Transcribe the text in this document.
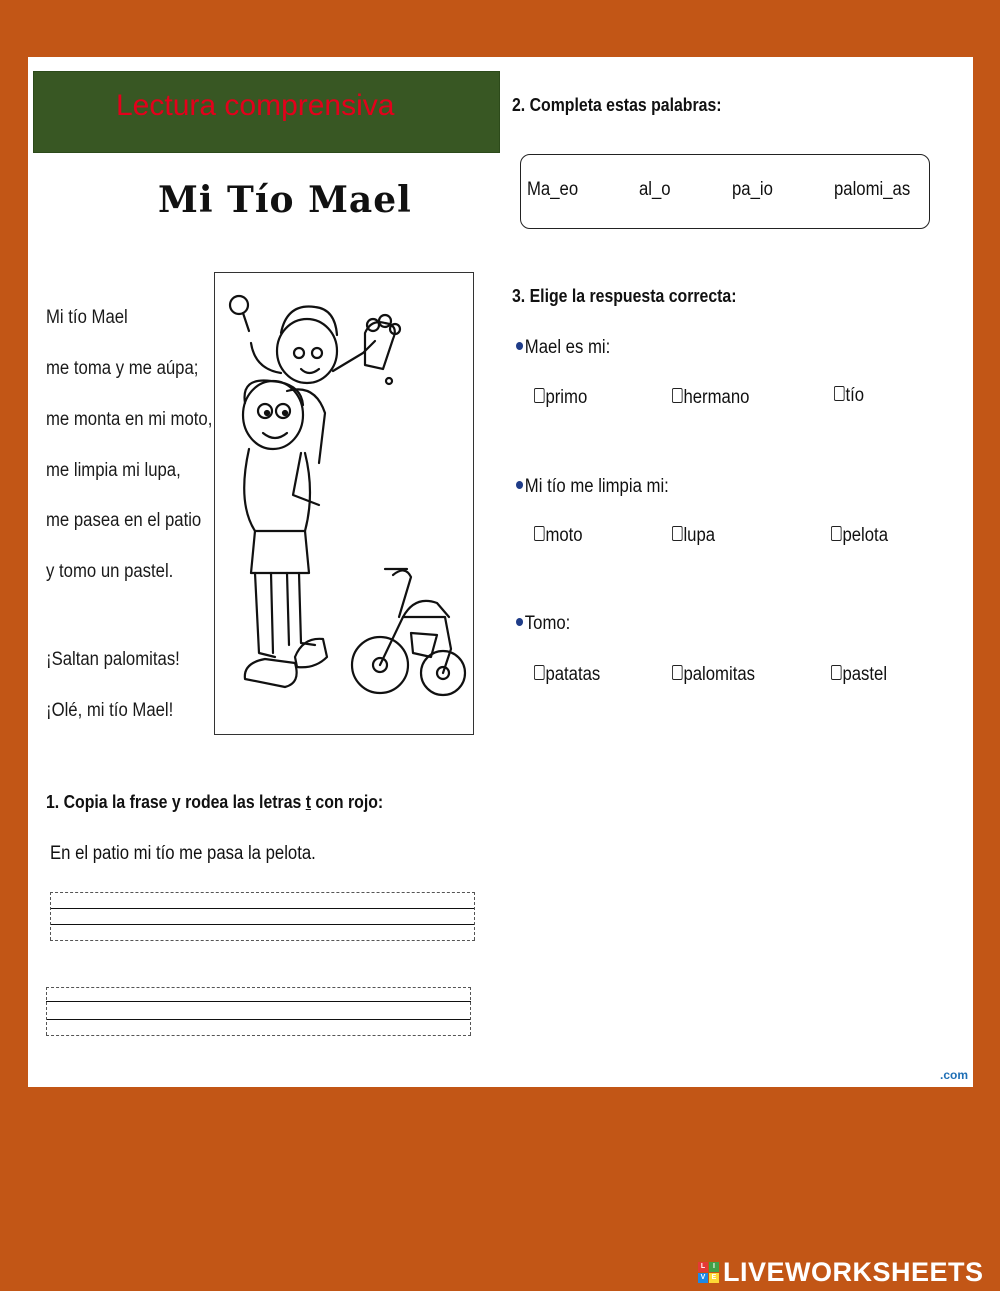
Lectura comprensiva
Mi Tío Mael
Mi tío Mael
me toma y me aúpa;
me monta en mi moto,
me limpia mi lupa,
me pasea en el patio
y tomo un pastel.
¡Saltan palomitas!
¡Olé, mi tío Mael!
1. Copia la frase y rodea las letras t con rojo:
En el patio mi tío me pasa la pelota.
2. Completa estas palabras:
Ma_eo	al_o	pa_io	palomi_as
3. Elige la respuesta correcta:
Mael es mi:
primo	hermano	tío
Mi tío me limpia mi:
moto	lupa	pelota
Tomo:
patatas	palomitas	pastel
.com
L	I
V E LIVEWORKSHEETS
